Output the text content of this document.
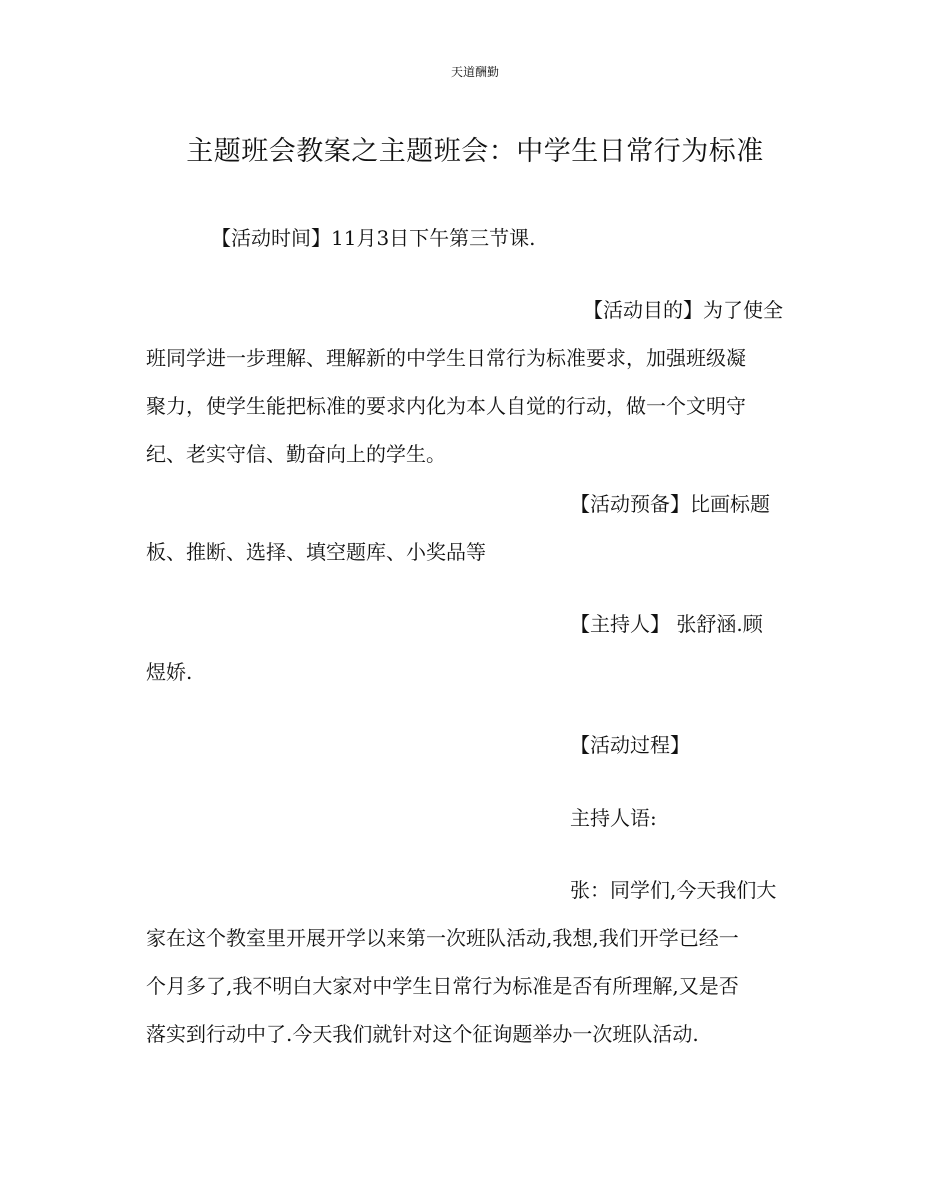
天道酬勤
主题班会教案之主题班会：中学生日常行为标准
【活动时间】11月3日下午第三节课.
【活动目的】为了使全
班同学进一步理解、理解新的中学生日常行为标准要求，加强班级凝
聚力，使学生能把标准的要求内化为本人自觉的行动，做一个文明守
纪、老实守信、勤奋向上的学生。
【活动预备】比画标题
板、推断、选择、填空题库、小奖品等
【主持人】 张舒涵.顾
煜娇.
【活动过程】
主持人语:
张：同学们,今天我们大
家在这个教室里开展开学以来第一次班队活动,我想,我们开学已经一
个月多了,我不明白大家对中学生日常行为标准是否有所理解,又是否
落实到行动中了.今天我们就针对这个征询题举办一次班队活动.
